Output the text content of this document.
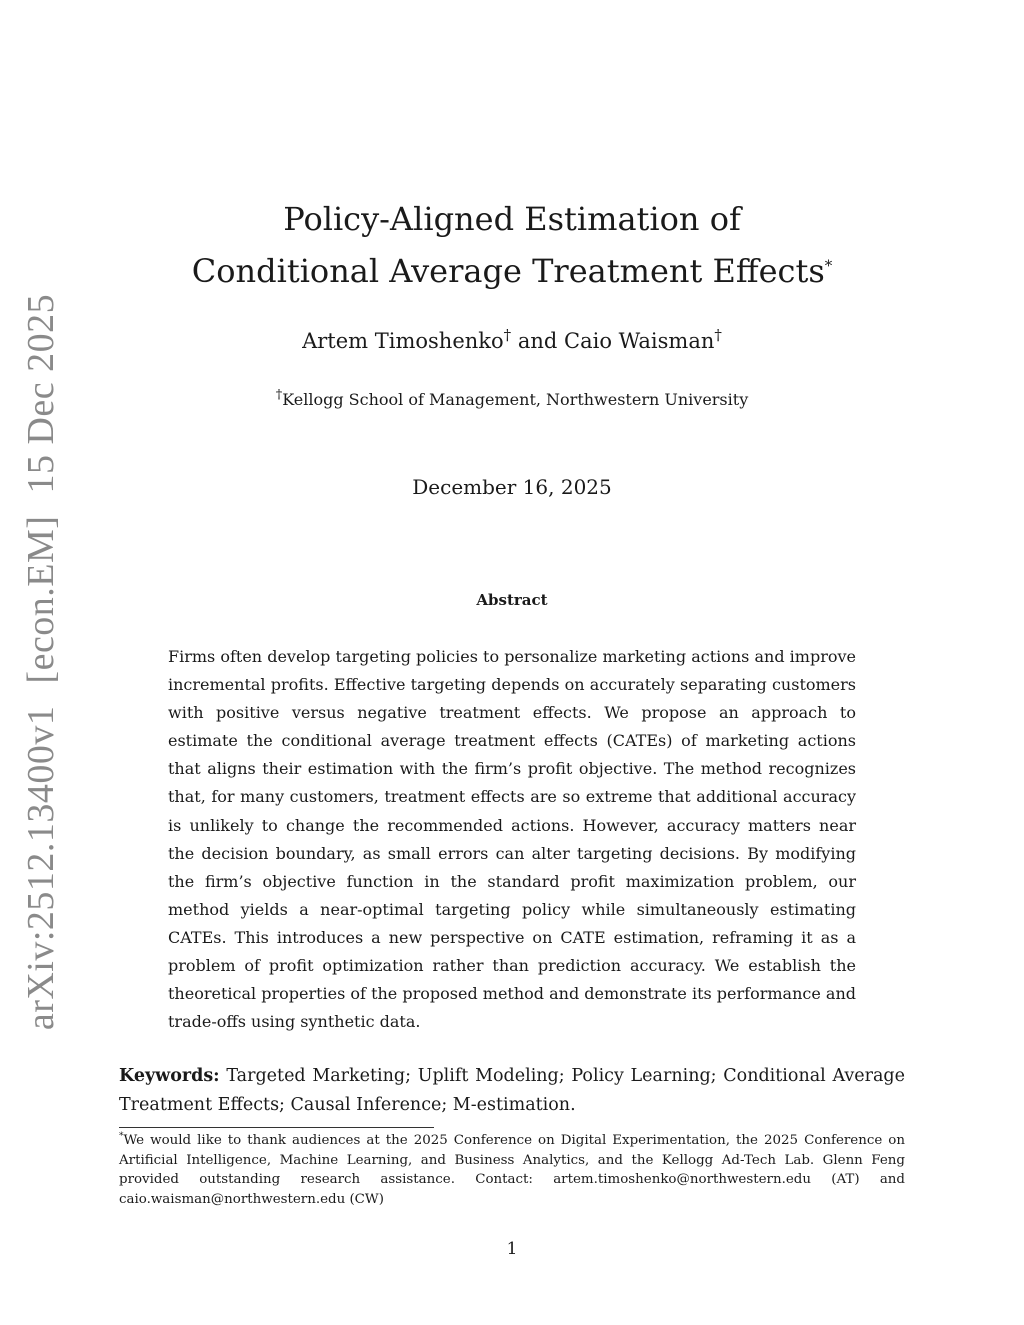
arXiv:2512.13400v1[econ.EM]15 Dec 2025
Policy-Aligned Estimation of
Conditional Average Treatment Effects*
Artem Timoshenko† and Caio Waisman†
†Kellogg School of Management, Northwestern University
December 16, 2025
Abstract

Firms often develop targeting policies to personalize marketing actions and improve incremental profits. Effective targeting depends on accurately separating customers with positive versus negative treatment effects. We propose an approach to estimate the conditional average treatment effects (CATEs) of marketing actions that aligns their estimation with the firm’s profit objective. The method recognizes that, for many customers, treatment effects are so extreme that additional accuracy is unlikely to change the recommended actions. However, accuracy matters near the decision boundary, as small errors can alter targeting decisions. By modifying the firm’s objective function in the standard profit maximization problem, our method yields a near-optimal targeting policy while simultaneously estimating CATEs. This introduces a new perspective on CATE estimation, reframing it as a problem of profit optimization rather than prediction accuracy. We establish the theoretical properties of the proposed method and demonstrate its performance and trade-offs using synthetic data.

Keywords: Targeted Marketing; Uplift Modeling; Policy Learning; Conditional Average Treatment Effects; Causal Inference; M-estimation.

*We would like to thank audiences at the 2025 Conference on Digital Experimentation, the 2025 Conference on Artificial Intelligence, Machine Learning, and Business Analytics, and the Kellogg Ad-Tech Lab. Glenn Feng provided outstanding research assistance. Contact: artem.timoshenko@northwestern.edu (AT) and caio.waisman@northwestern.edu (CW)

1
